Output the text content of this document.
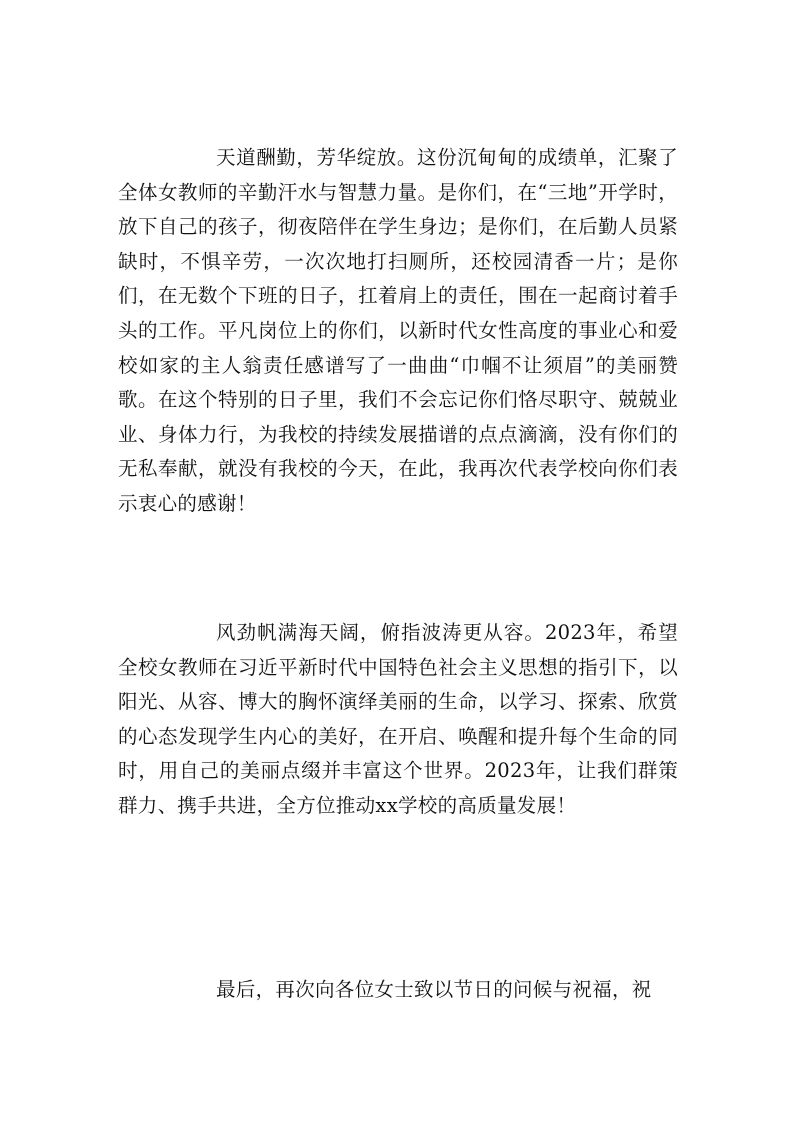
天道酬勤，芳华绽放。这份沉甸甸的成绩单，汇聚了全体女教师的辛勤汗水与智慧力量。是你们，在“三地”开学时，放下自己的孩子，彻夜陪伴在学生身边；是你们，在后勤人员紧缺时，不惧辛劳，一次次地打扫厕所，还校园清香一片；是你们，在无数个下班的日子，扛着肩上的责任，围在一起商讨着手头的工作。平凡岗位上的你们，以新时代女性高度的事业心和爱校如家的主人翁责任感谱写了一曲曲“巾帼不让须眉”的美丽赞歌。在这个特别的日子里，我们不会忘记你们恪尽职守、兢兢业业、身体力行，为我校的持续发展描谱的点点滴滴，没有你们的无私奉献，就没有我校的今天，在此，我再次代表学校向你们表示衷心的感谢！

风劲帆满海天阔，俯指波涛更从容。2023年，希望全校女教师在习近平新时代中国特色社会主义思想的指引下，以阳光、从容、博大的胸怀演绎美丽的生命，以学习、探索、欣赏的心态发现学生内心的美好，在开启、唤醒和提升每个生命的同时，用自己的美丽点缀并丰富这个世界。2023年，让我们群策群力、携手共进，全方位推动xx学校的高质量发展！

最后，再次向各位女士致以节日的问候与祝福，祝
